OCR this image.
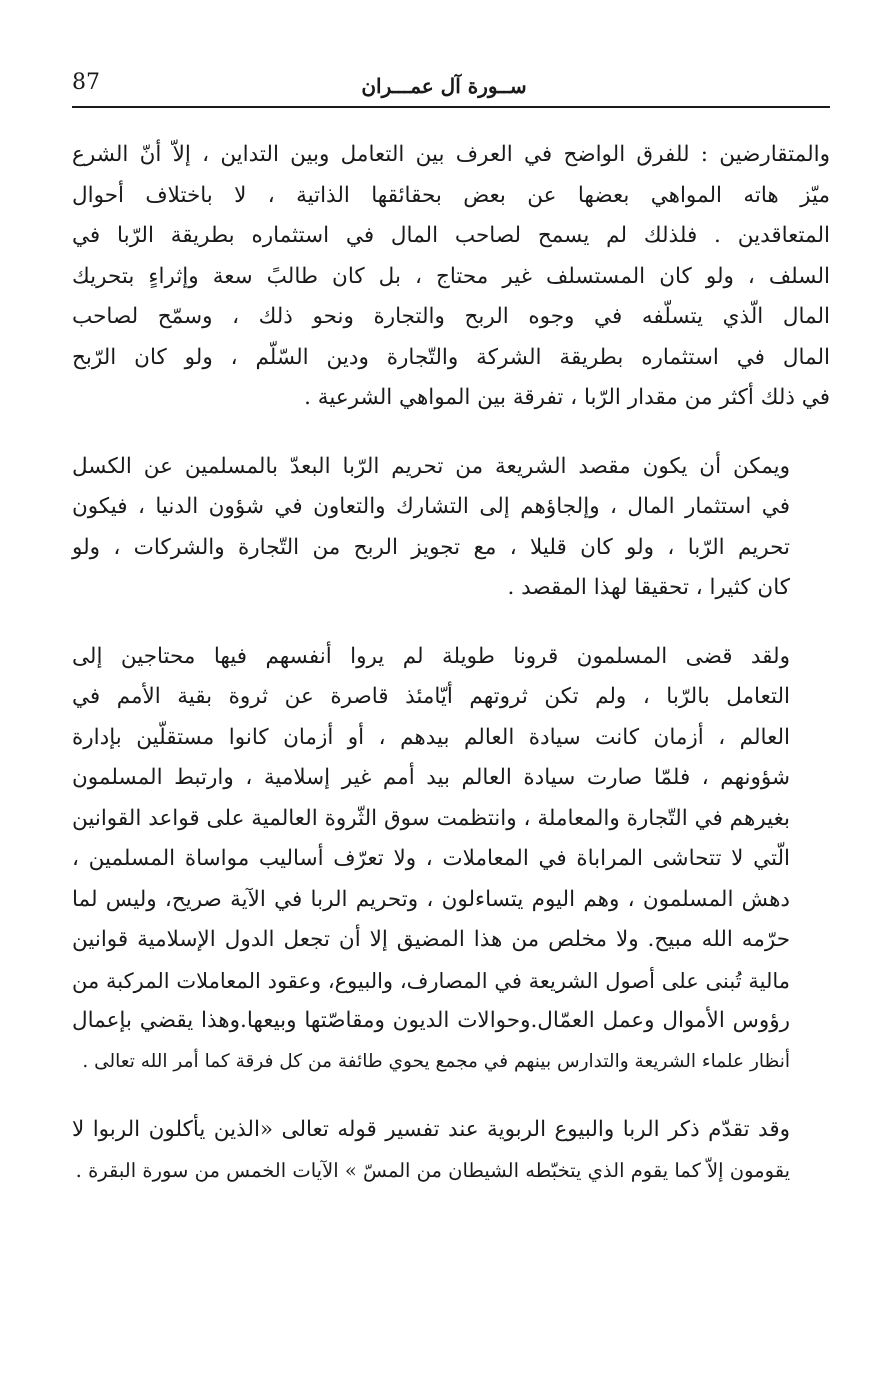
87	ســورة آل عمـــران
والمتقارضين : للفرق الواضح في العرف بين التعامل وبين التداين ، إلاّ أنّ الشرع
ميّز هاته المواهي بعضها عن بعض بحقائقها الذاتية ، لا باختلاف أحوال
المتعاقدين . فلذلك لم يسمح لصاحب المال في استثماره بطريقة الرّبا في
السلف ، ولو كان المستسلف غير محتاج ، بل كان طالبً سعة وإثراءٍ بتحريك
المال الّذي يتسلّفه في وجوه الربح والتجارة ونحو ذلك ، وسمّح لصاحب
المال في استثماره بطريقة الشركة والتّجارة ودين السّلّم ، ولو كان الرّبح
في ذلك أكثر من مقدار الرّبا ، تفرقة بين المواهي الشرعية .
ويمكن أن يكون مقصد الشريعة من تحريم الرّبا البعدّ بالمسلمين عن الكسل
في استثمار المال ، وإلجاؤهم إلى التشارك والتعاون في شؤون الدنيا ، فيكون
تحريم الرّبا ، ولو كان قليلا ، مع تجويز الربح من التّجارة والشركات ، ولو
كان كثيرا ، تحقيقا لهذا المقصد .
ولقد قضى المسلمون قرونا طويلة لم يروا أنفسهم فيها محتاجين إلى
التعامل بالرّبا ، ولم تكن ثروتهم أيّامئذ قاصرة عن ثروة بقية الأمم في
العالم ، أزمان كانت سيادة العالم بيدهم ، أو أزمان كانوا مستقلّين بإدارة
شؤونهم ، فلمّا صارت سيادة العالم بيد أمم غير إسلامية ، وارتبط المسلمون
بغيرهم في التّجارة والمعاملة ، وانتظمت سوق الثّروة العالمية على قواعد القوانين
الّتي لا تتحاشى المراباة في المعاملات ، ولا تعرّف أساليب مواساة المسلمين ،
دهش المسلمون ، وهم اليوم يتساءلون ، وتحريم الربا في الآية صريح، وليس لما
حرّمه الله مبيح. ولا مخلص من هذا المضيق إلا أن تجعل الدول الإسلامية قوانين
مالية تُبنى على أصول الشريعة في المصارف، والبيوع، وعقود المعاملات المركبة من
رؤوس الأموال وعمل العمّال.وحوالات الديون ومقاصّتها وبيعها.وهذا يقضي بإعمال
أنظار علماء الشريعة والتدارس بينهم في مجمع يحوي طائفة من كل فرقة كما أمر الله تعالى .
وقد تقدّم ذكر الربا والبيوع الربوية عند تفسير قوله تعالى «الذين يأكلون الربوا لا
يقومون إلاّ كما يقوم الذي يتخبّطه الشيطان من المسّ » الآيات الخمس من سورة البقرة .
